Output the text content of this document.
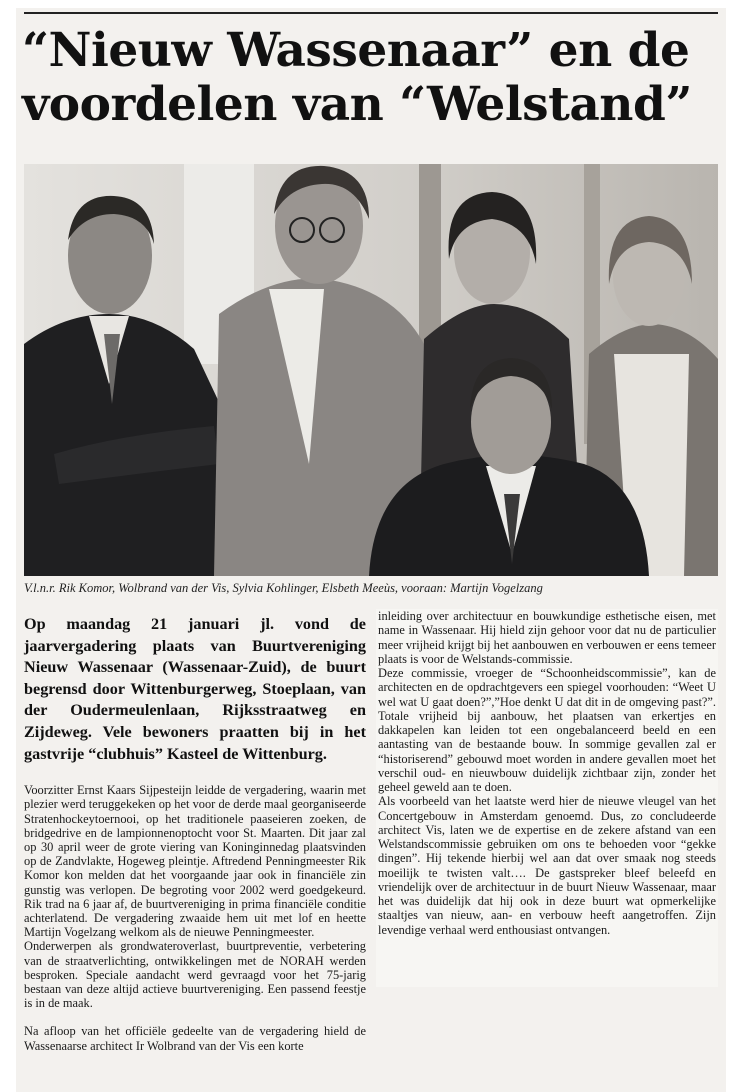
“Nieuw Wassenaar” en de voordelen van “Welstand”
V.l.n.r. Rik Komor, Wolbrand van der Vis, Sylvia Kohlinger, Elsbeth Meeùs, vooraan: Martijn Vogelzang

Op maandag 21 januari jl. vond de jaarvergadering plaats van Buurtvereniging Nieuw Wassenaar (Wassenaar-Zuid), de buurt begrensd door Wittenburgerweg, Stoeplaan, van der Oudermeulenlaan, Rijksstraatweg en Zijdeweg. Vele bewoners praatten bij in het gastvrije “clubhuis” Kasteel de Wittenburg.

Voorzitter Ernst Kaars Sijpesteijn leidde de vergadering, waarin met plezier werd teruggekeken op het voor de derde maal georganiseerde Stratenhockeytoernooi, op het traditionele paaseieren zoeken, de bridgedrive en de lampionnenoptocht voor St. Maarten. Dit jaar zal op 30 april weer de grote viering van Koninginnedag plaatsvinden op de Zandvlakte, Hogeweg pleintje. Aftredend Penningmeester Rik Komor kon melden dat het voorgaande jaar ook in financiële zin gunstig was verlopen. De begroting voor 2002 werd goedgekeurd. Rik trad na 6 jaar af, de buurtvereniging in prima financiële conditie achterlatend. De vergadering zwaaide hem uit met lof en heette Martijn Vogelzang welkom als de nieuwe Penningmeester.

Onderwerpen als grondwateroverlast, buurtpreventie, verbetering van de straatverlichting, ontwikkelingen met de NORAH werden besproken. Speciale aandacht werd gevraagd voor het 75-jarig bestaan van deze altijd actieve buurtvereniging. Een passend feestje is in de maak.

Na afloop van het officiële gedeelte van de vergadering hield de Wassenaarse architect Ir Wolbrand van der Vis een korte

inleiding over architectuur en bouwkundige esthetische eisen, met name in Wassenaar. Hij hield zijn gehoor voor dat nu de particulier meer vrijheid krijgt bij het aanbouwen en verbouwen er eens temeer plaats is voor de Welstands-commissie.

Deze commissie, vroeger de “Schoonheidscommissie”, kan de architecten en de opdrachtgevers een spiegel voorhouden: “Weet U wel wat U gaat doen?”,”Hoe denkt U dat dit in de omgeving past?”. Totale vrijheid bij aanbouw, het plaatsen van erkertjes en dakkapelen kan leiden tot een ongebalanceerd beeld en een aantasting van de bestaande bouw. In sommige gevallen zal er “historiserend” gebouwd moet worden in andere gevallen moet het verschil oud- en nieuwbouw duidelijk zichtbaar zijn, zonder het geheel geweld aan te doen.

Als voorbeeld van het laatste werd hier de nieuwe vleugel van het Concertgebouw in Amsterdam genoemd. Dus, zo concludeerde architect Vis, laten we de expertise en de zekere afstand van een Welstandscommissie gebruiken om ons te behoeden voor “gekke dingen”. Hij tekende hierbij wel aan dat over smaak nog steeds moeilijk te twisten valt…. De gastspreker bleef beleefd en vriendelijk over de architectuur in de buurt Nieuw Wassenaar, maar het was duidelijk dat hij ook in deze buurt wat opmerkelijke staaltjes van nieuw, aan- en verbouw heeft aangetroffen. Zijn levendige verhaal werd enthousiast ontvangen.
